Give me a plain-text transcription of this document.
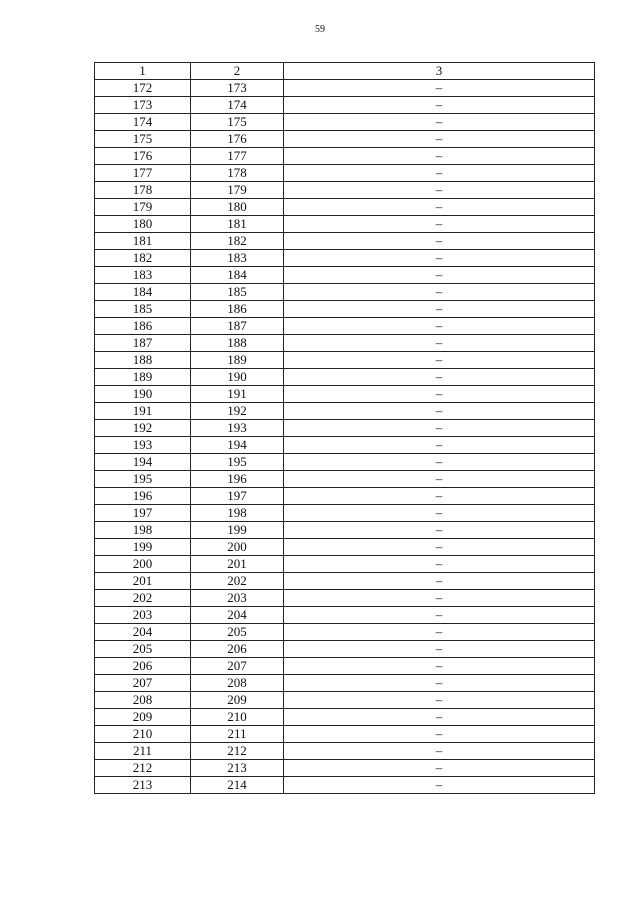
59
1	2	3
172	173	–
173	174	–
174	175	–
175	176	–
176	177	–
177	178	–
178	179	–
179	180	–
180	181	–
181	182	–
182	183	–
183	184	–
184	185	–
185	186	–
186	187	–
187	188	–
188	189	–
189	190	–
190	191	–
191	192	–
192	193	–
193	194	–
194	195	–
195	196	–
196	197	–
197	198	–
198	199	–
199	200	–
200	201	–
201	202	–
202	203	–
203	204	–
204	205	–
205	206	–
206	207	–
207	208	–
208	209	–
209	210	–
210	211	–
211	212	–
212	213	–
213	214	–
